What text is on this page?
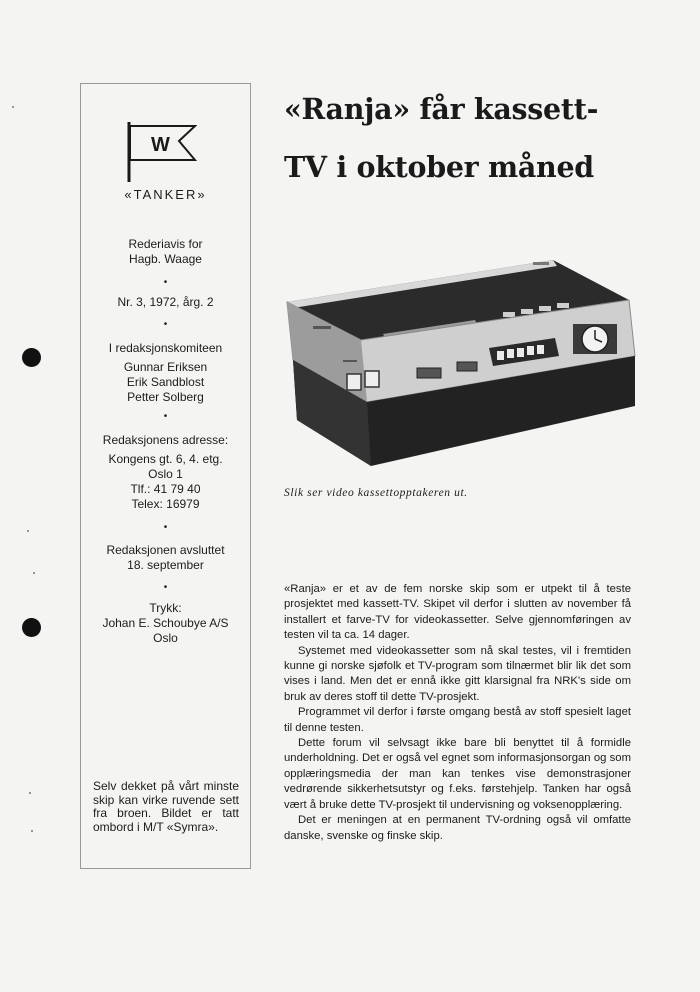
W
«TANKER»
Rederiavis for
Hagb. Waage
•
Nr. 3, 1972, årg. 2
•
I redaksjonskomiteen
Gunnar Eriksen
Erik Sandblost
Petter Solberg
•
Redaksjonens adresse:
Kongens gt. 6, 4. etg.
Oslo 1
Tlf.: 41 79 40
Telex: 16979
•
Redaksjonen avsluttet
18. september
•
Trykk:
Johan E. Schoubye A/S
Oslo
Selv dekket på vårt minste skip kan virke ruvende sett fra broen. Bildet er tatt ombord i M/T «Symra».
«Ranja» får kassett-
TV i oktober måned
Slik ser video kassettopptakeren ut.

«Ranja» er et av de fem norske skip som er utpekt til å teste prosjektet med kassett-TV. Skipet vil derfor i slutten av november få installert et farve-TV for videokassetter. Selve gjennomføringen av testen vil ta ca. 14 dager.

Systemet med videokassetter som nå skal testes, vil i fremtiden kunne gi norske sjøfolk et TV-program som tilnærmet blir lik det som vises i land. Men det er ennå ikke gitt klarsignal fra NRK's side om bruk av deres stoff til dette TV-prosjekt.

Programmet vil derfor i første omgang bestå av stoff spesielt laget til denne testen.

Dette forum vil selvsagt ikke bare bli benyttet til å formidle underholdning. Det er også vel egnet som informasjonsorgan og som opplæringsmedia der man kan tenkes vise demonstrasjoner vedrørende sikkerhetsutstyr og f.eks. førstehjelp. Tanken har også vært å bruke dette TV-prosjekt til undervisning og voksenopplæring.

Det er meningen at en permanent TV-ordning også vil omfatte danske, svenske og finske skip.
